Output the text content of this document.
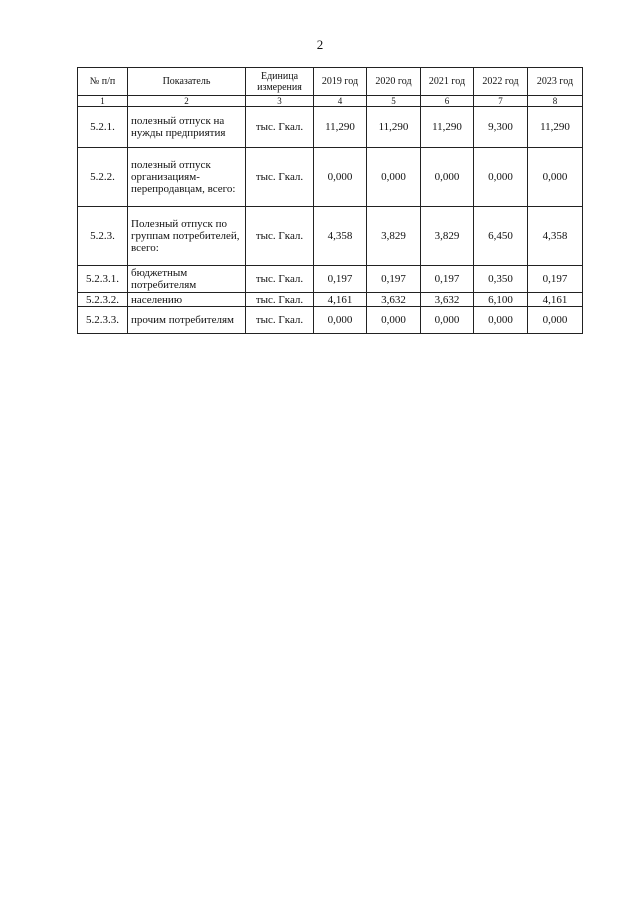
2
№ п/п	Показатель	Единица измерения	2019 год	2020 год	2021 год	2022 год	2023 год
1	2	3	4	5	6	7	8
5.2.1.	полезный отпуск на нужды предприятия	тыс. Гкал.	11,290	11,290	11,290	9,300	11,290
5.2.2.	полезный отпуск организациям-перепродавцам, всего:	тыс. Гкал.	0,000	0,000	0,000	0,000	0,000
5.2.3.	Полезный отпуск по группам потребителей, всего:	тыс. Гкал.	4,358	3,829	3,829	6,450	4,358
5.2.3.1.	бюджетным потребителям	тыс. Гкал.	0,197	0,197	0,197	0,350	0,197
5.2.3.2.	населению	тыс. Гкал.	4,161	3,632	3,632	6,100	4,161
5.2.3.3.	прочим потребителям	тыс. Гкал.	0,000	0,000	0,000	0,000	0,000
